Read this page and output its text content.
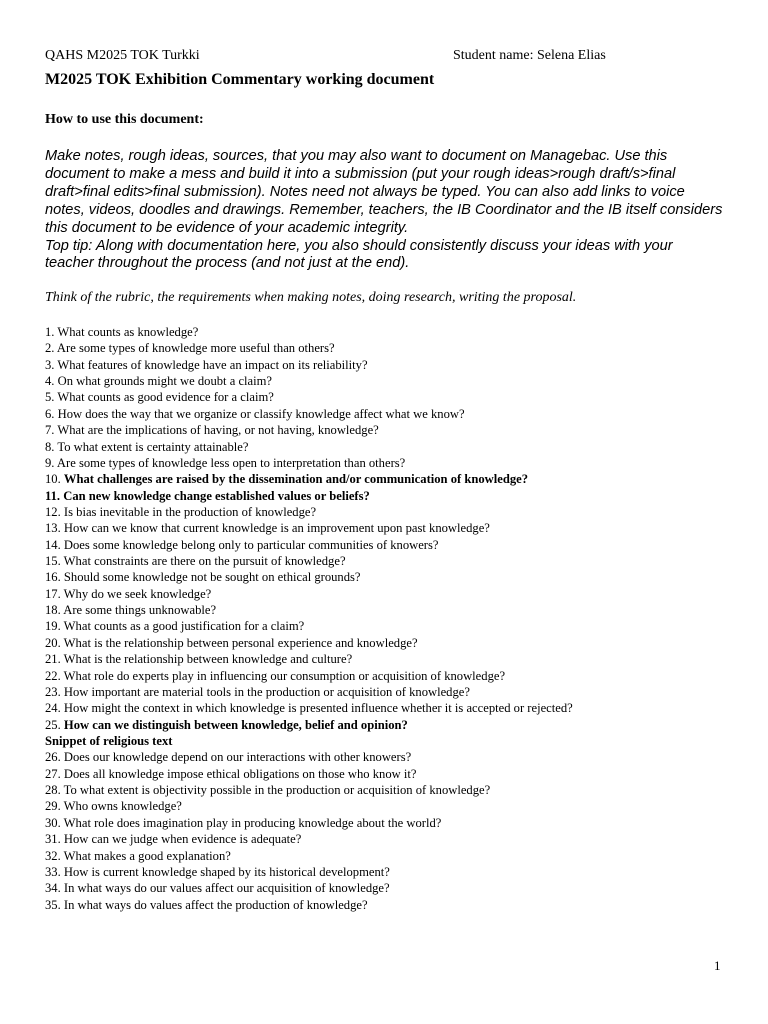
QAHS M2025 TOK Turkki	Student name: Selena Elias
M2025 TOK Exhibition Commentary working document
How to use this document:

Make notes, rough ideas, sources, that you may also want to document on Managebac. Use this document to make a mess and build it into a submission (put your rough ideas>rough draft/s>final draft>final edits>final submission). Notes need not always be typed. You can also add links to voice notes, videos, doodles and drawings. Remember, teachers, the IB Coordinator and the IB itself considers this document to be evidence of your academic integrity.

Top tip: Along with documentation here, you also should consistently discuss your ideas with your teacher throughout the process (and not just at the end).

Think of the rubric, the requirements when making notes, doing research, writing the proposal.
1. What counts as knowledge?
2. Are some types of knowledge more useful than others?
3. What features of knowledge have an impact on its reliability?
4. On what grounds might we doubt a claim?
5. What counts as good evidence for a claim?
6. How does the way that we organize or classify knowledge affect what we know?
7. What are the implications of having, or not having, knowledge?
8. To what extent is certainty attainable?
9. Are some types of knowledge less open to interpretation than others?
10. What challenges are raised by the dissemination and/or communication of knowledge?
11. Can new knowledge change established values or beliefs?
12. Is bias inevitable in the production of knowledge?
13. How can we know that current knowledge is an improvement upon past knowledge?
14. Does some knowledge belong only to particular communities of knowers?
15. What constraints are there on the pursuit of knowledge?
16. Should some knowledge not be sought on ethical grounds?
17. Why do we seek knowledge?
18. Are some things unknowable?
19. What counts as a good justification for a claim?
20. What is the relationship between personal experience and knowledge?
21. What is the relationship between knowledge and culture?
22. What role do experts play in influencing our consumption or acquisition of knowledge?
23. How important are material tools in the production or acquisition of knowledge?
24. How might the context in which knowledge is presented influence whether it is accepted or rejected?
25. How can we distinguish between knowledge, belief and opinion?
Snippet of religious text
26. Does our knowledge depend on our interactions with other knowers?
27. Does all knowledge impose ethical obligations on those who know it?
28. To what extent is objectivity possible in the production or acquisition of knowledge?
29. Who owns knowledge?
30. What role does imagination play in producing knowledge about the world?
31. How can we judge when evidence is adequate?
32. What makes a good explanation?
33. How is current knowledge shaped by its historical development?
34. In what ways do our values affect our acquisition of knowledge?
35. In what ways do values affect the production of knowledge?
1
